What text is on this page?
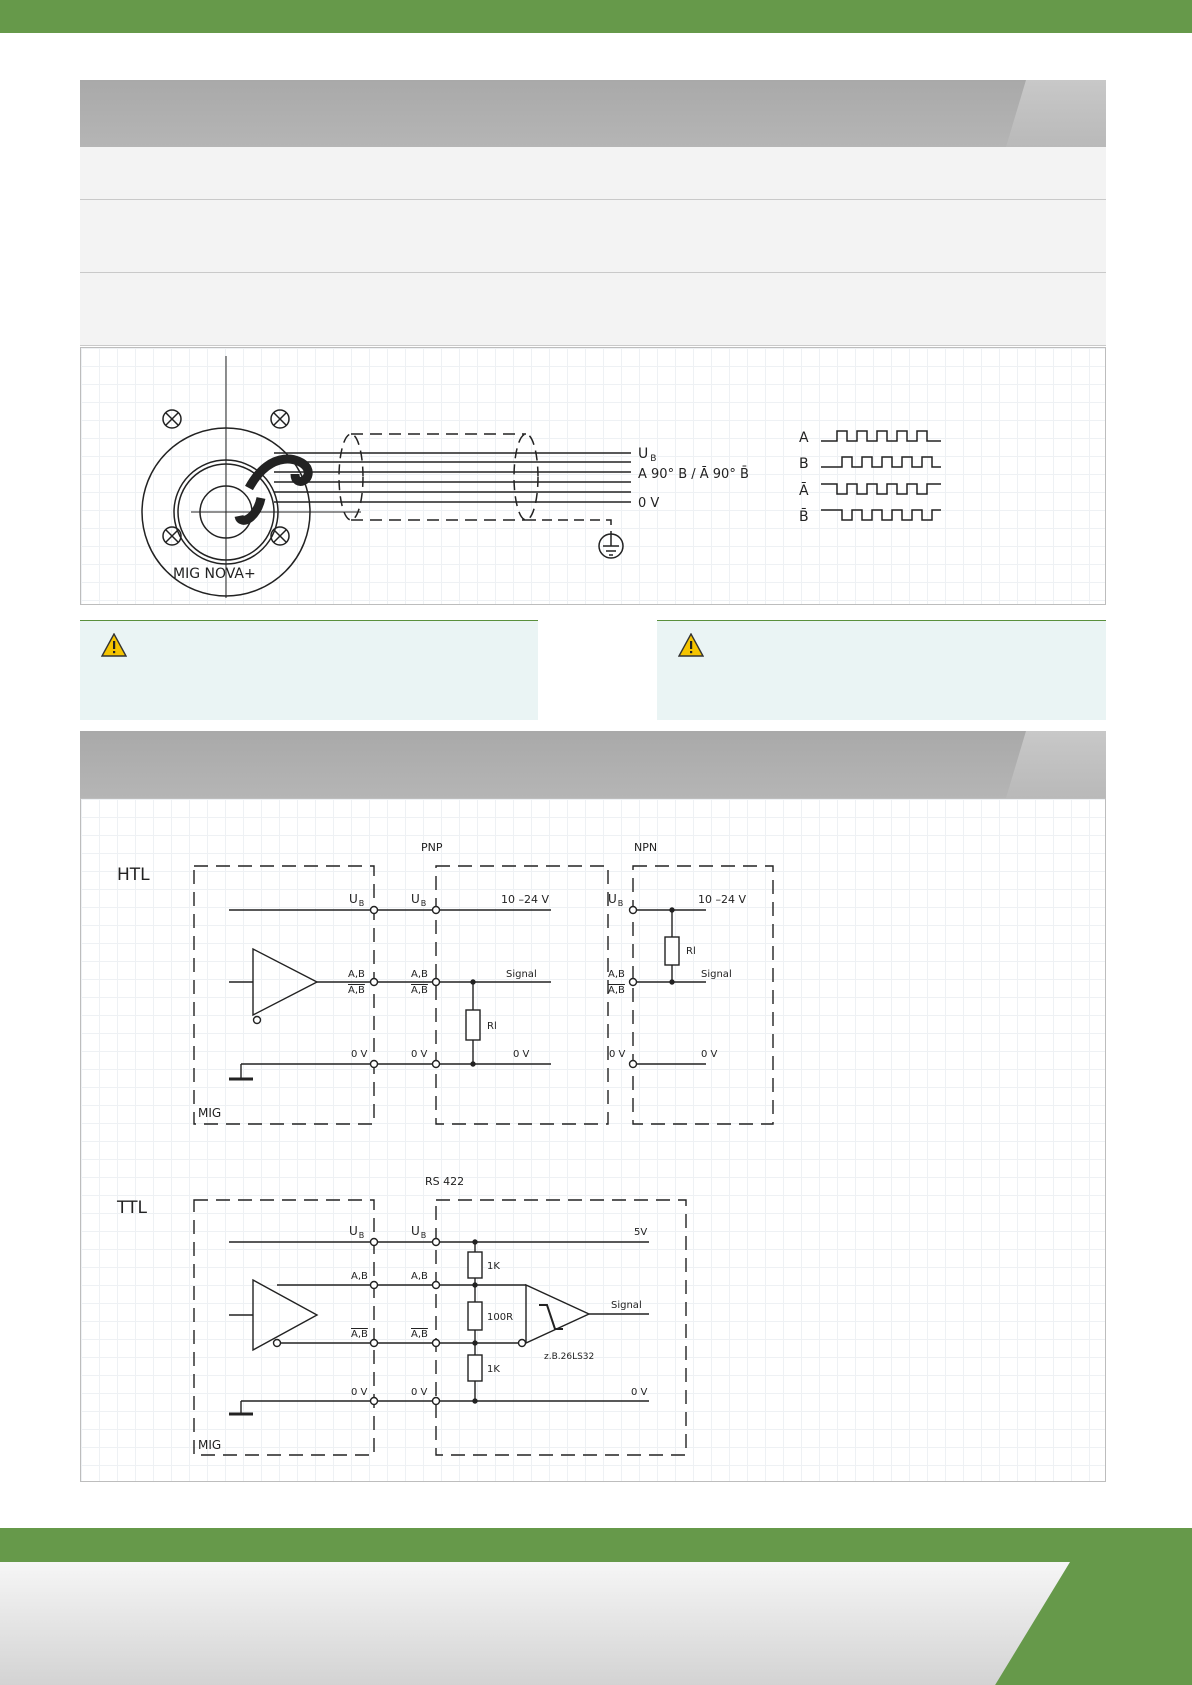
U $_B$
A 90° B / Ā 90° B̄
0 V
MIG NOVA+
A
B
Ā
B̄
HTL
PNP	NPN
$U_B$	$U_B$	10 –24 V	$U_B$	10 –24 V
A,B
A,B
A,B
A,B
Signal
Rl
A,B
A,B
Signal
Rl
0 V	0 V	0 V	0 V	0 V
MIG
TTL
RS 422
$U_B$	$U_B$	5V
A,B	A,B
A,B	A,B
1K
100R
1K
Signal
z.B.26LS32
0 V	0 V	0 V
MIG
